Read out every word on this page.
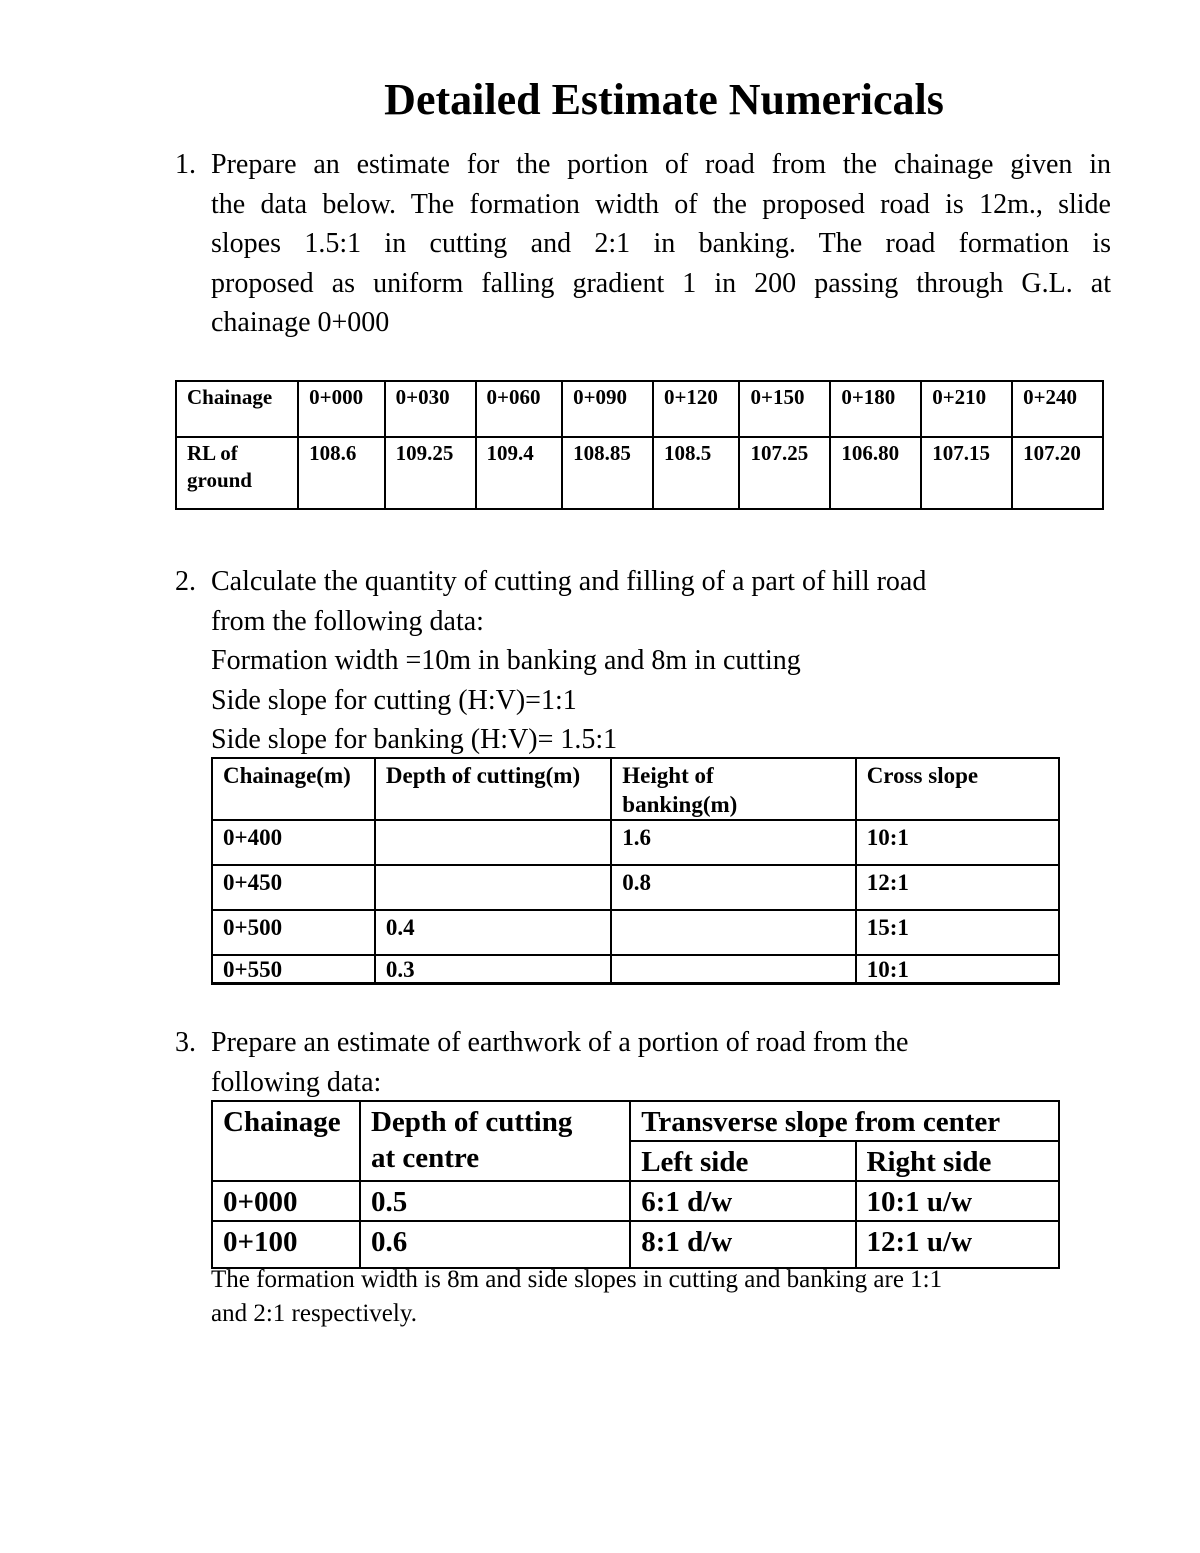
Detailed Estimate Numericals
1. Prepare an estimate for the portion of road from the chainage given in

the data below. The formation width of the proposed road is 12m., slide

slopes 1.5:1 in cutting and 2:1 in banking. The road formation is

proposed as uniform falling gradient 1 in 200 passing through G.L. at

chainage 0+000

Chainage	0+000	0+030	0+060	0+090	0+120	0+150	0+180	0+210	0+240

RL of
ground	108.6	109.25	109.4	108.85	108.5	107.25	106.80	107.15	107.20
2. Calculate the quantity of cutting and filling of a part of hill road
from the following data:
Formation width =10m in banking and 8m in cutting
Side slope for cutting (H:V)=1:1
Side slope for banking (H:V)= 1.5:1
Chainage(m)	Depth of cutting(m)	Height of
banking(m)	Cross slope
0+400		1.6	10:1
0+450		0.8	12:1
0+500	0.4		15:1
0+550	0.3		10:1
3. Prepare an estimate of earthwork of a portion of road from the
following data:
Chainage	Depth of cutting
at centre	Transverse slope from center	
		Left side	Right side
0+000	0.5	6:1 d/w	10:1 u/w
0+100	0.6	8:1 d/w	12:1 u/w
The formation width is 8m and side slopes in cutting and banking are 1:1
and 2:1 respectively.
